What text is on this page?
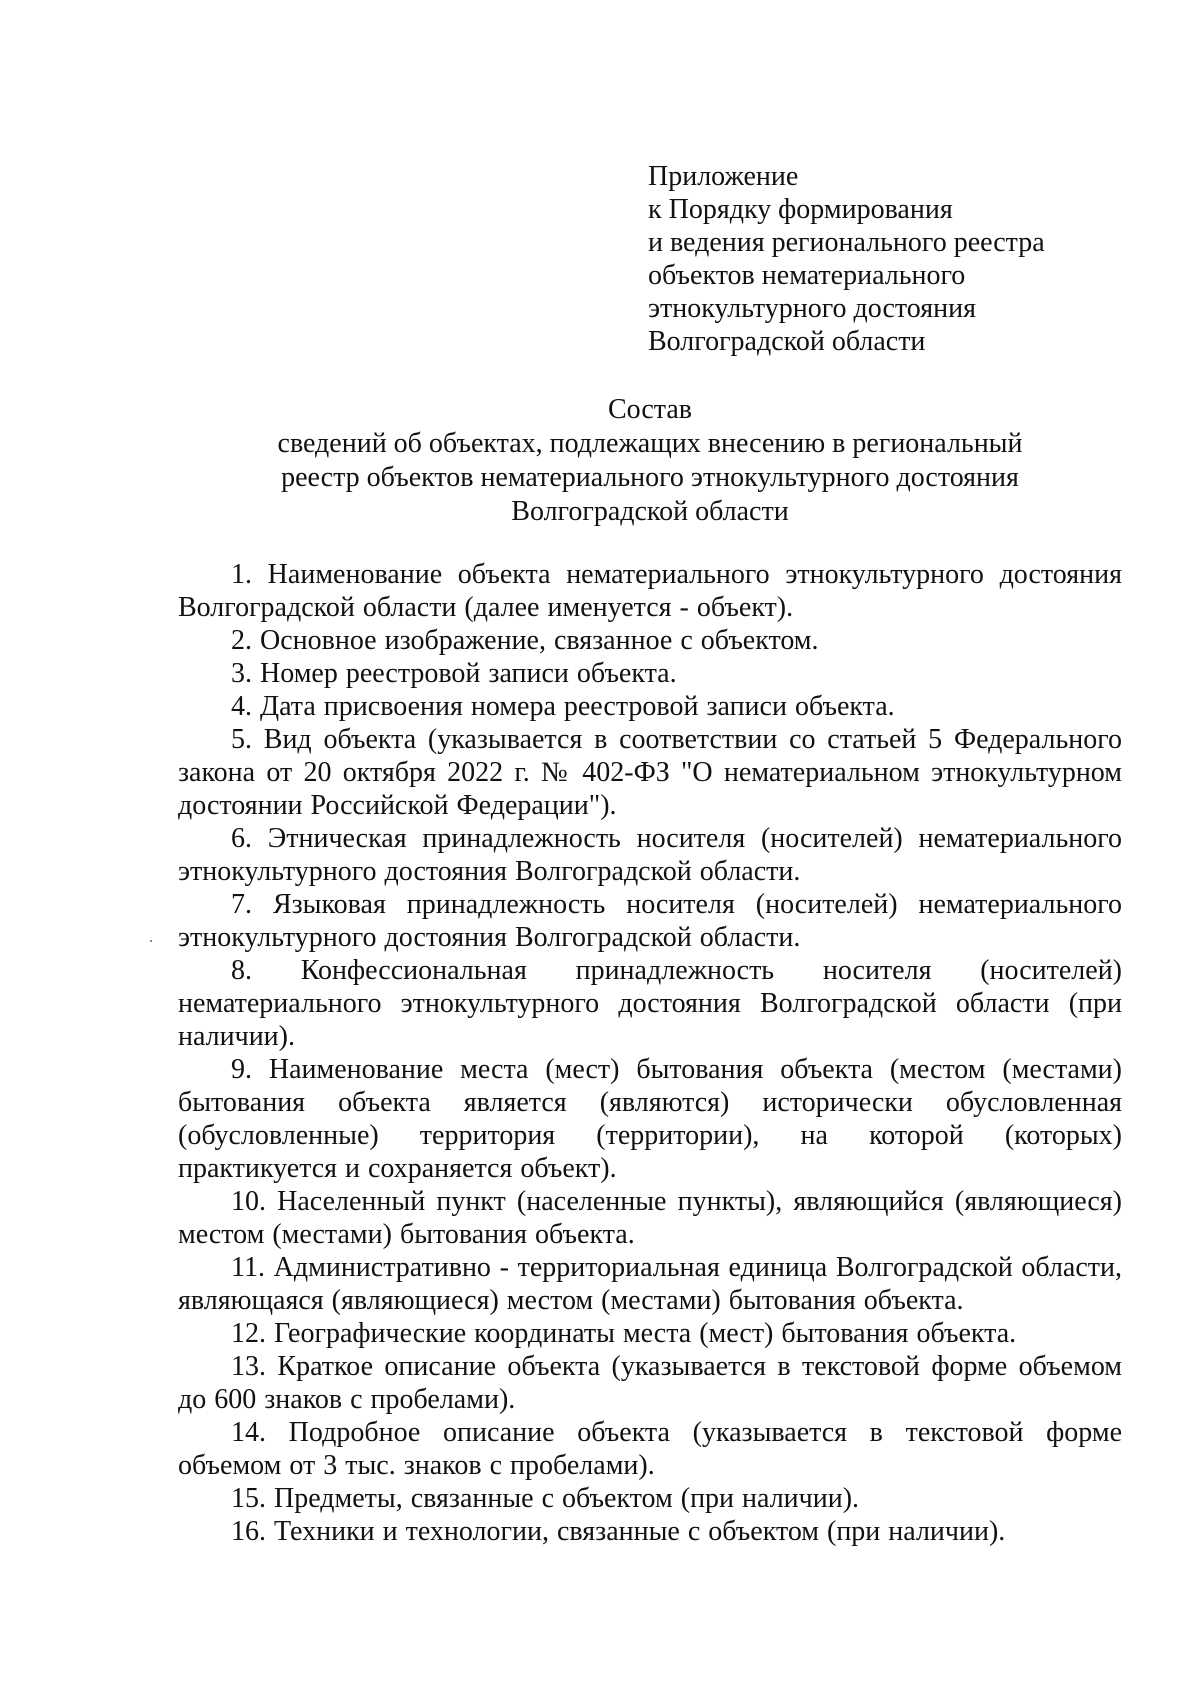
Приложение
к Порядку формирования
и ведения регионального реестра
объектов нематериального
этнокультурного достояния
Волгоградской области
Состав
сведений об объектах, подлежащих внесению в региональный
реестр объектов нематериального этнокультурного достояния
Волгоградской области

1. Наименование объекта нематериального этнокультурного достояния Волгоградской области (далее именуется - объект).

2. Основное изображение, связанное с объектом.

3. Номер реестровой записи объекта.

4. Дата присвоения номера реестровой записи объекта.

5. Вид объекта (указывается в соответствии со статьей 5 Федерального закона от 20 октября 2022 г. № 402-ФЗ "О нематериальном этнокультурном достоянии Российской Федерации").

6. Этническая принадлежность носителя (носителей) нематериального этнокультурного достояния Волгоградской области.

7. Языковая принадлежность носителя (носителей) нематериального этнокультурного достояния Волгоградской области.

8. Конфессиональная принадлежность носителя (носителей) нематериального этнокультурного достояния Волгоградской области (при наличии).

9. Наименование места (мест) бытования объекта (местом (местами) бытования объекта является (являются) исторически обусловленная (обусловленные) территория (территории), на которой (которых) практикуется и сохраняется объект).

10. Населенный пункт (населенные пункты), являющийся (являющиеся) местом (местами) бытования объекта.

11. Административно - территориальная единица Волгоградской области, являющаяся (являющиеся) местом (местами) бытования объекта.

12. Географические координаты места (мест) бытования объекта.

13. Краткое описание объекта (указывается в текстовой форме объемом до 600 знаков с пробелами).

14. Подробное описание объекта (указывается в текстовой форме объемом от 3 тыс. знаков с пробелами).

15. Предметы, связанные с объектом (при наличии).

16. Техники и технологии, связанные с объектом (при наличии).
